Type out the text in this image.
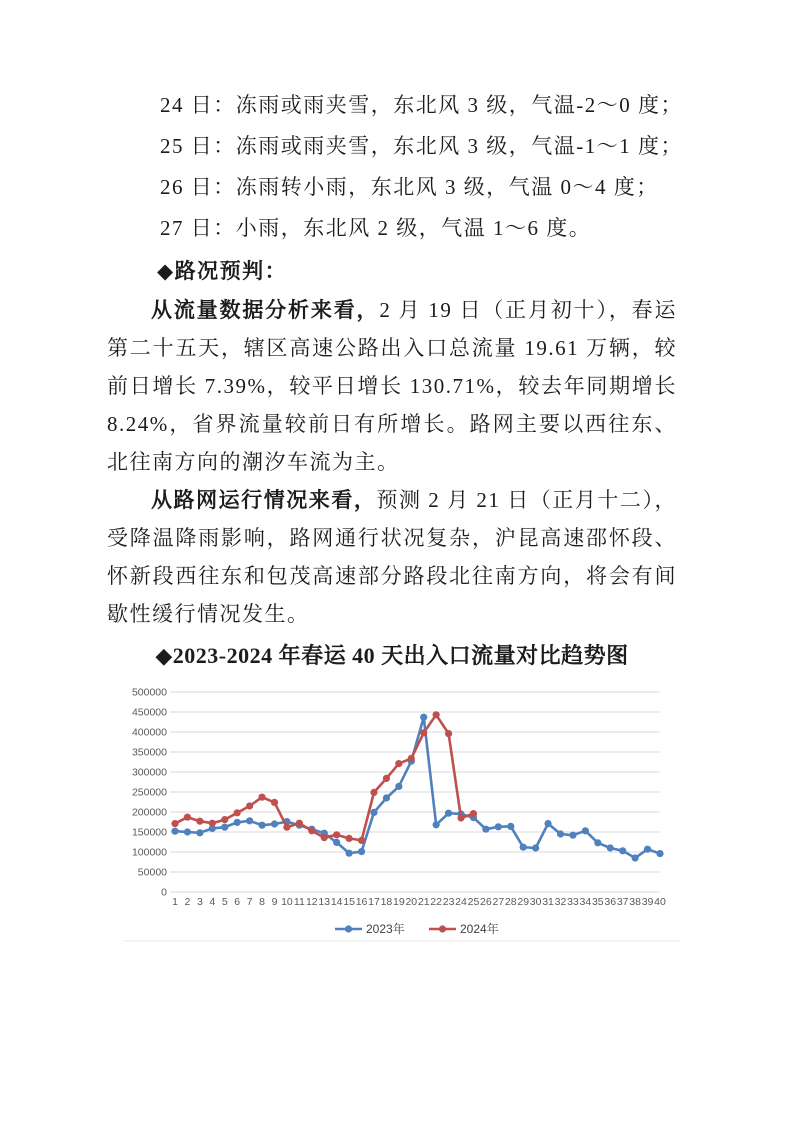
24 日：冻雨或雨夹雪，东北风 3 级，气温-2～0 度；
25 日：冻雨或雨夹雪，东北风 3 级，气温-1～1 度；
26 日：冻雨转小雨，东北风 3 级，气温 0～4 度；
27 日：小雨，东北风 2 级，气温 1～6 度。
◆路况预判：

从流量数据分析来看，2 月 19 日（正月初十），春运第二十五天，辖区高速公路出入口总流量 19.61 万辆，较前日增长 7.39%，较平日增长 130.71%，较去年同期增长 8.24%，省界流量较前日有所增长。路网主要以西往东、北往南方向的潮汐车流为主。

从路网运行情况来看，预测 2 月 21 日（正月十二），受降温降雨影响，路网通行状况复杂，沪昆高速邵怀段、怀新段西往东和包茂高速部分路段北往南方向，将会有间歇性缓行情况发生。

◆2023-2024 年春运 40 天出入口流量对比趋势图
0
50000
100000
150000
200000
250000
300000
350000
400000
450000
500000
1 2 3 4 5 6 7 8 9 10 11 12 13 14 15 16 17 18 19 20 21 22 23 24 25 26 27 28 29 30 31 32 33 34 35 36 37 38 39 40
2023年	2024年
